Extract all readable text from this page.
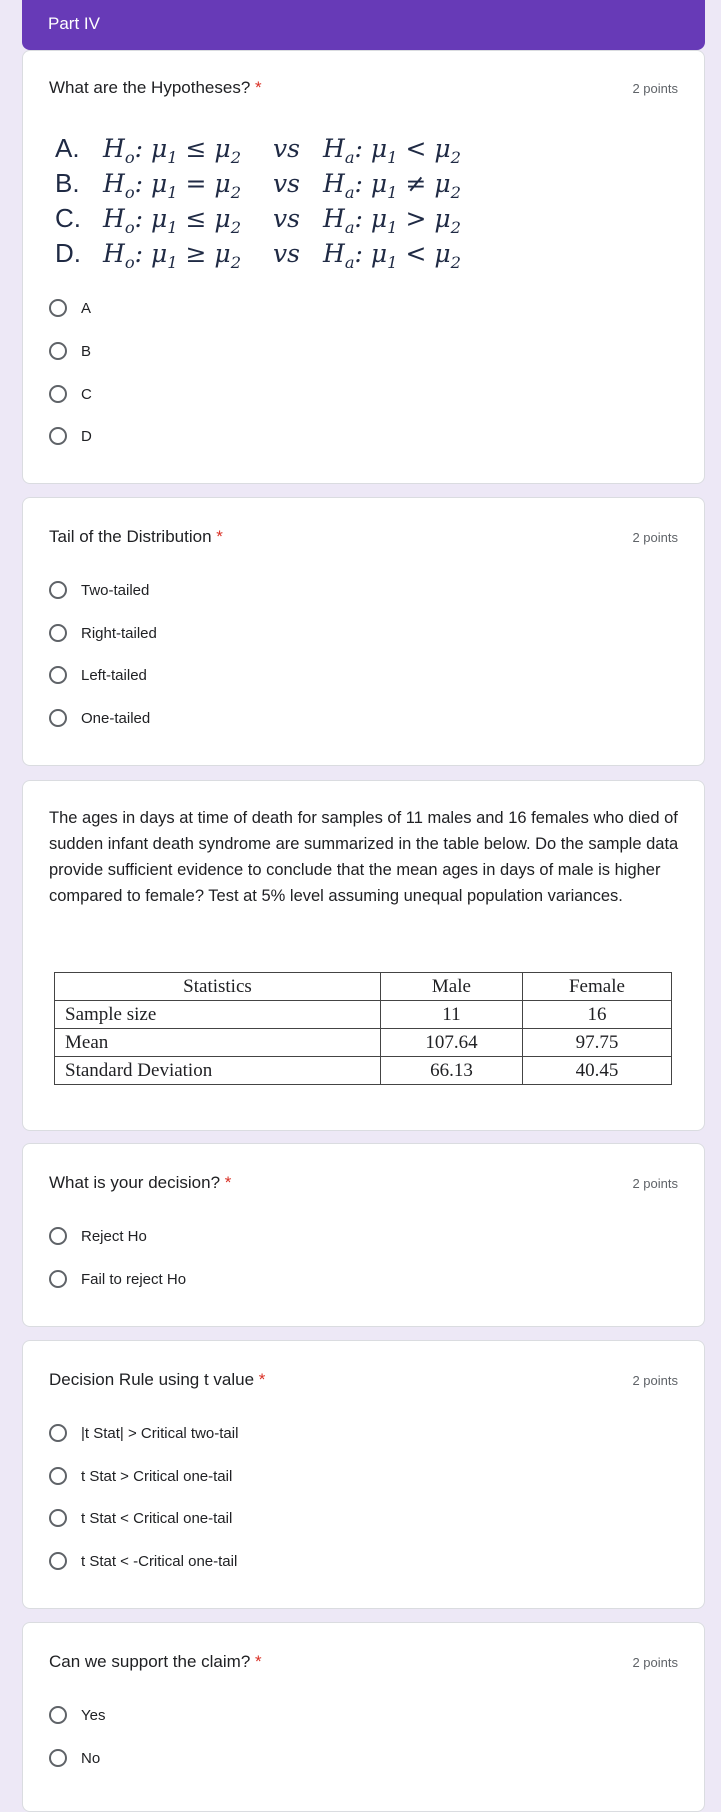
Part IV
What are the Hypotheses? *	2 points
A. $H_o$: $\mu_1 \le \mu_2$	vs $H_a$: $\mu_1 < \mu_2$
B. $H_o$: $\mu_1 = \mu_2$	vs $H_a$: $\mu_1 \ne \mu_2$
C. $H_o$: $\mu_1 \le \mu_2$	vs $H_a$: $\mu_1 > \mu_2$
D. $H_o$: $\mu_1 \ge \mu_2$	vs $H_a$: $\mu_1 < \mu_2$
A
B
C
D
Tail of the Distribution *	2 points
Two-tailed
Right-tailed
Left-tailed
One-tailed
The ages in days at time of death for samples of 11 males and 16 females who died of sudden infant death syndrome are summarized in the table below. Do the sample data provide sufficient evidence to conclude that the mean ages in days of male is higher compared to female? Test at 5% level assuming unequal population variances.
Statistics	Male	Female
Sample size	11	16
Mean	107.64	97.75
Standard Deviation	66.13	40.45
What is your decision? *	2 points
Reject Ho
Fail to reject Ho
Decision Rule using t value *	2 points
|t Stat| > Critical two-tail
t Stat > Critical one-tail
t Stat < Critical one-tail
t Stat < -Critical one-tail
Can we support the claim? *	2 points
Yes
No
